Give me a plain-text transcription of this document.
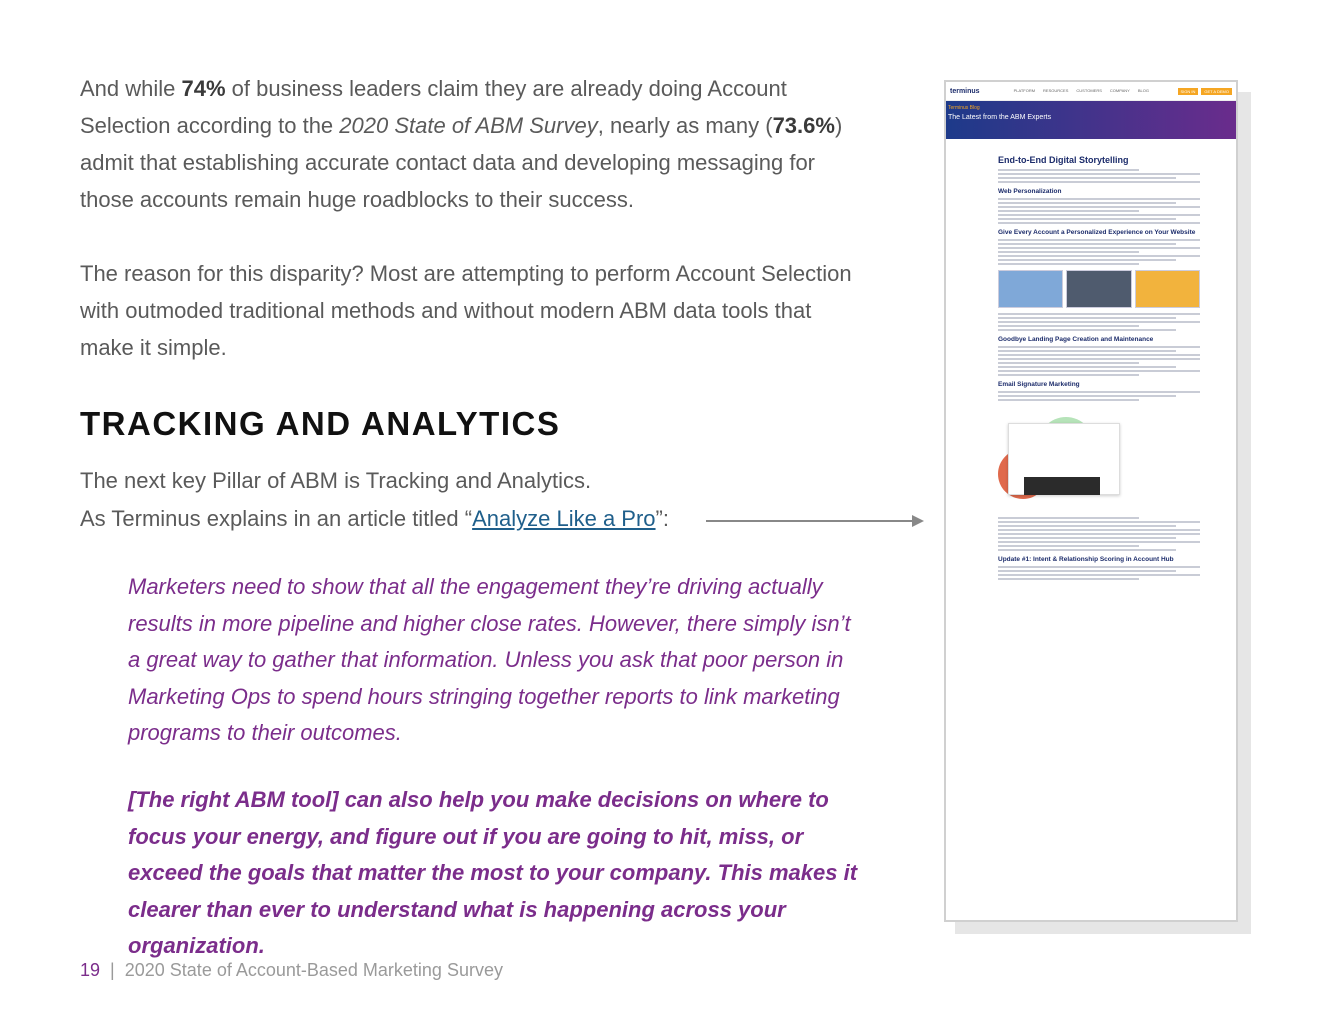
And while 74% of business leaders claim they are already doing Account Selection according to the 2020 State of ABM Survey, nearly as many (73.6%) admit that establishing accurate contact data and developing messaging for those accounts remain huge roadblocks to their success.

The reason for this disparity? Most are attempting to perform Account Selection with outmoded traditional methods and without modern ABM data tools that make it simple.

TRACKING AND ANALYTICS

The next key Pillar of ABM is Tracking and Analytics.
As Terminus explains in an article titled “Analyze Like a Pro”:

Marketers need to show that all the engagement they’re driving actually results in more pipeline and higher close rates. However, there simply isn’t a great way to gather that information. Unless you ask that poor person in Marketing Ops to spend hours stringing together reports to link marketing programs to their outcomes.

[The right ABM tool] can also help you make decisions on where to focus your energy, and figure out if you are going to hit, miss, or exceed the goals that matter the most to your company. This makes it clearer than ever to understand what is happening across your organization.

19 | 2020 State of Account-Based Marketing Survey
terminus	PLATFORM RESOURCES CUSTOMERS COMPANY BLOG	SIGN IN	GET A DEMO
Terminus Blog
The Latest from the ABM Experts
End-to-End Digital Storytelling
Web Personalization
Give Every Account a Personalized Experience on Your Website
Goodbye Landing Page Creation and Maintenance
Email Signature Marketing
Update #1: Intent & Relationship Scoring in Account Hub
